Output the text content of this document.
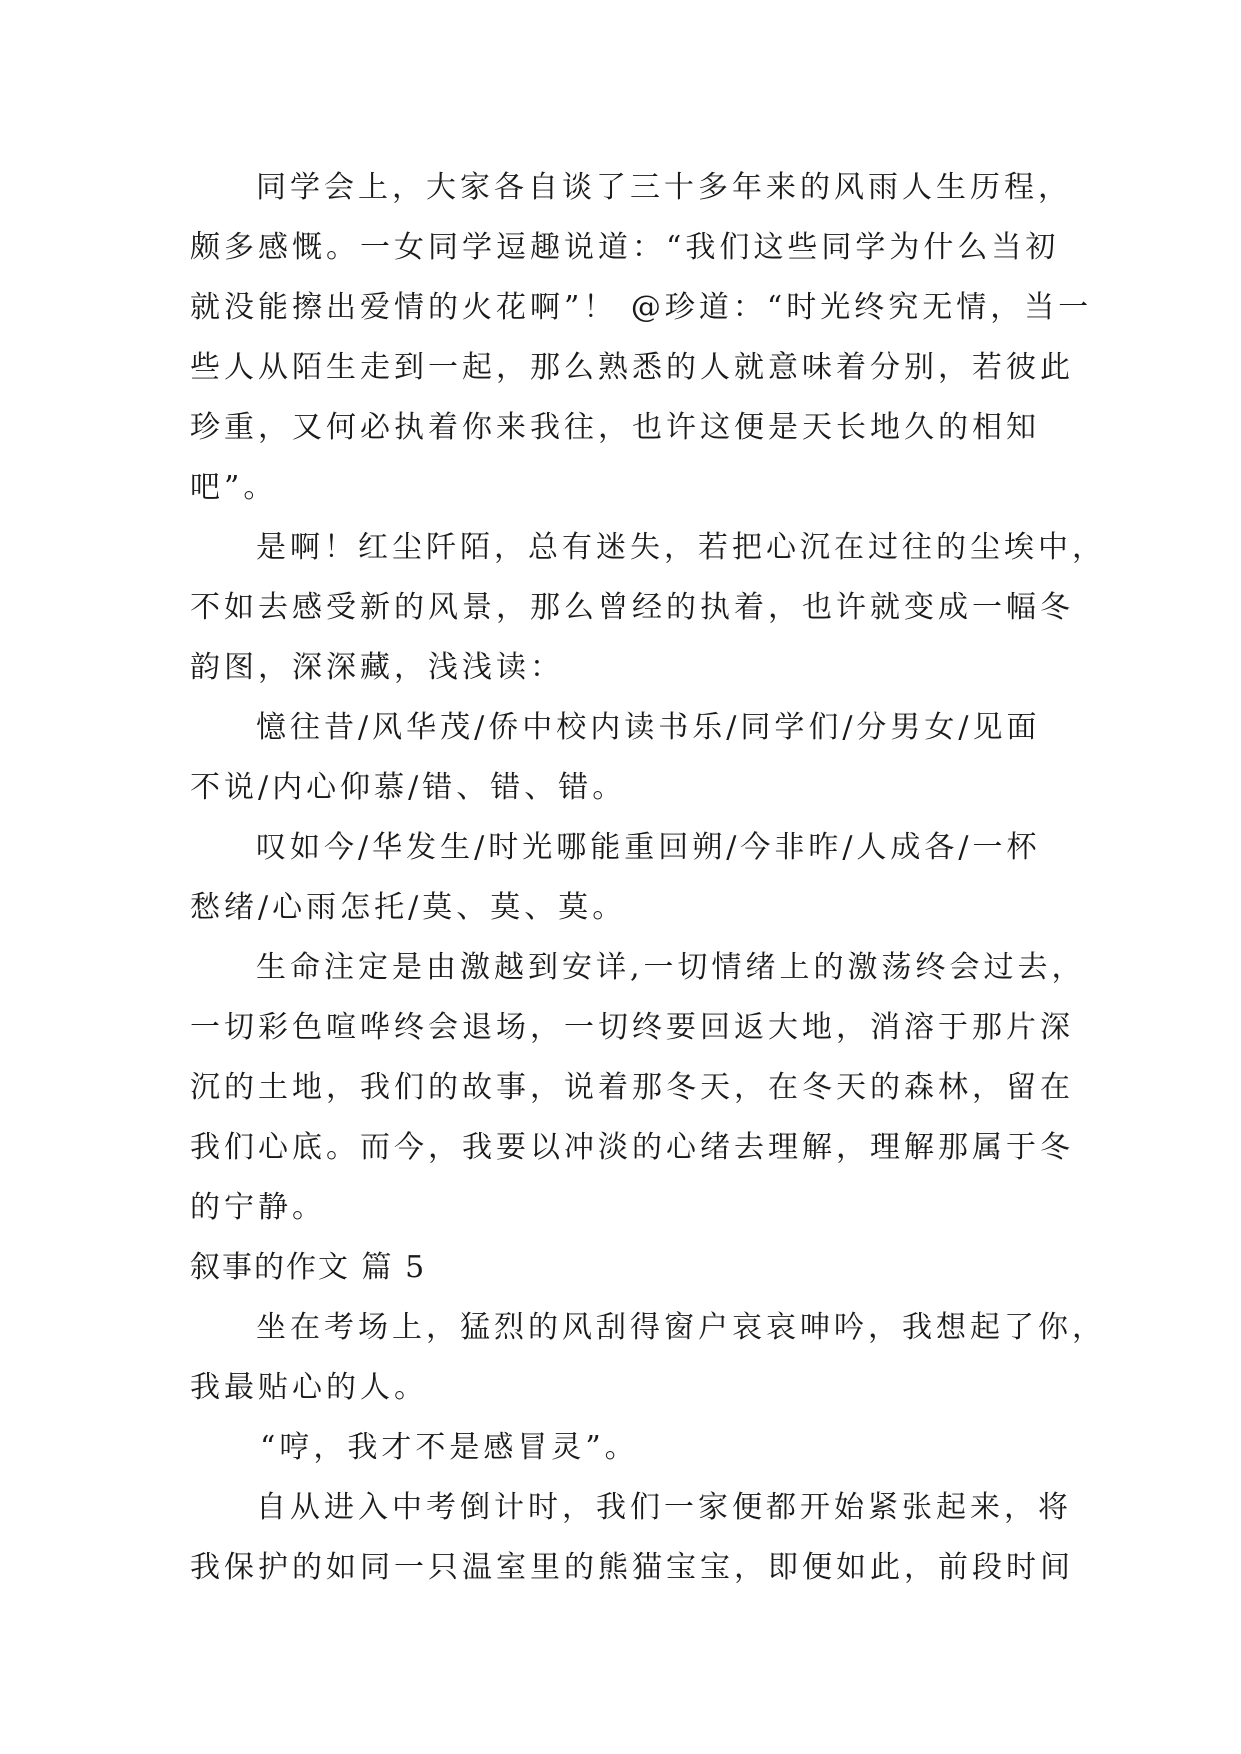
同学会上，大家各自谈了三十多年来的风雨人生历程，
颇多感慨。一女同学逗趣说道：“我们这些同学为什么当初
就没能擦出爱情的火花啊”！ @珍道：“时光终究无情，当一
些人从陌生走到一起，那么熟悉的人就意味着分别，若彼此
珍重，又何必执着你来我往，也许这便是天长地久的相知
吧”。
是啊！红尘阡陌，总有迷失，若把心沉在过往的尘埃中，
不如去感受新的风景，那么曾经的执着，也许就变成一幅冬
韵图，深深藏，浅浅读：
憶往昔/风华茂/侨中校内读书乐/同学们/分男女/见面
不说/内心仰慕/错、错、错。
叹如今/华发生/时光哪能重回朔/今非昨/人成各/一杯
愁绪/心雨怎托/莫、莫、莫。
生命注定是由激越到安详,一切情绪上的激荡终会过去，
一切彩色喧哗终会退场，一切终要回返大地，消溶于那片深
沉的土地，我们的故事，说着那冬天，在冬天的森林，留在
我们心底。而今，我要以冲淡的心绪去理解，理解那属于冬
的宁静。
叙事的作文 篇 5
坐在考场上，猛烈的风刮得窗户哀哀呻吟，我想起了你，
我最贴心的人。
“哼，我才不是感冒灵”。
自从进入中考倒计时，我们一家便都开始紧张起来，将
我保护的如同一只温室里的熊猫宝宝，即便如此，前段时间
